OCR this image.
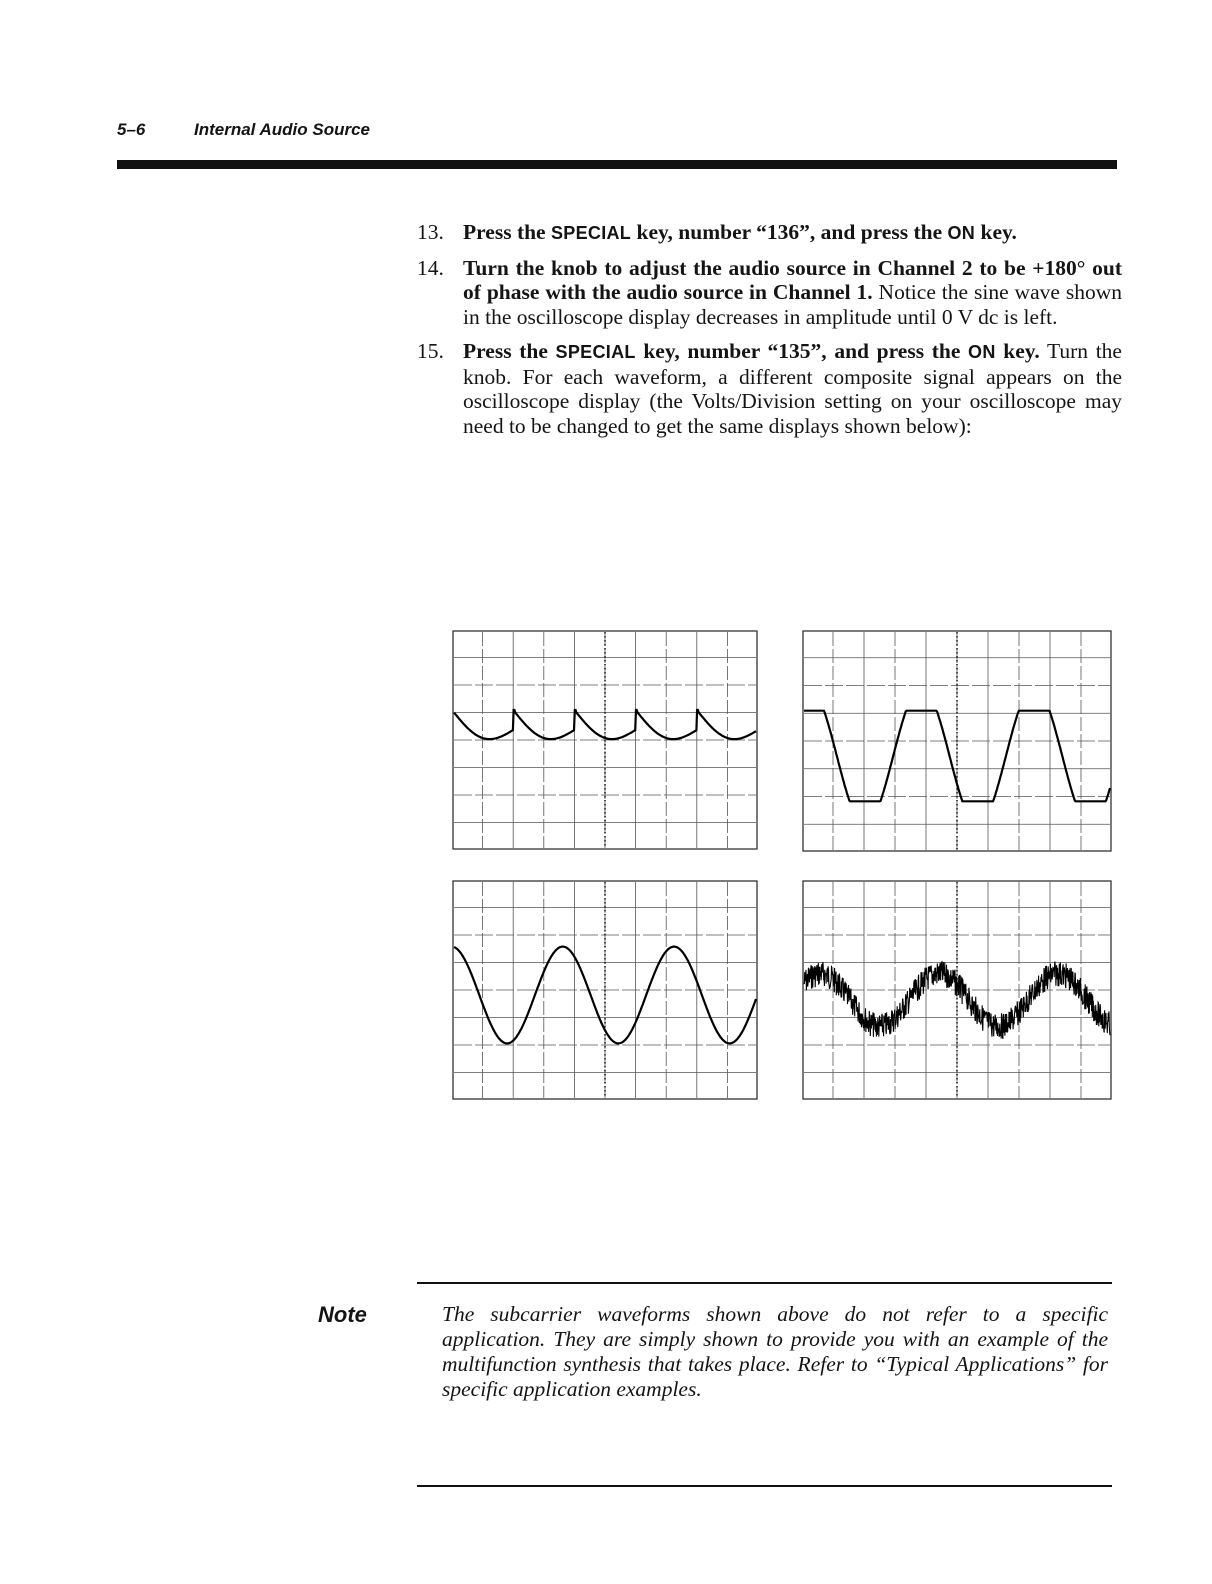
5–6	Internal Audio Source
13. Press the SPECIAL key, number “136”, and press the ON key.
14. Turn the knob to adjust the audio source in Channel 2 to be +180° out of phase with the audio source in Channel 1. Notice the sine wave shown in the oscilloscope display decreases in amplitude until 0 V dc is left.
15. Press the SPECIAL key, number “135”, and press the ON key. Turn the knob. For each waveform, a different composite signal appears on the oscilloscope display (the Volts/Division setting on your oscilloscope may need to be changed to get the same displays shown below):
Note	The subcarrier waveforms shown above do not refer to a specific application. They are simply shown to provide you with an example of the multifunction synthesis that takes place. Refer to “Typical Applications” for specific application examples.
